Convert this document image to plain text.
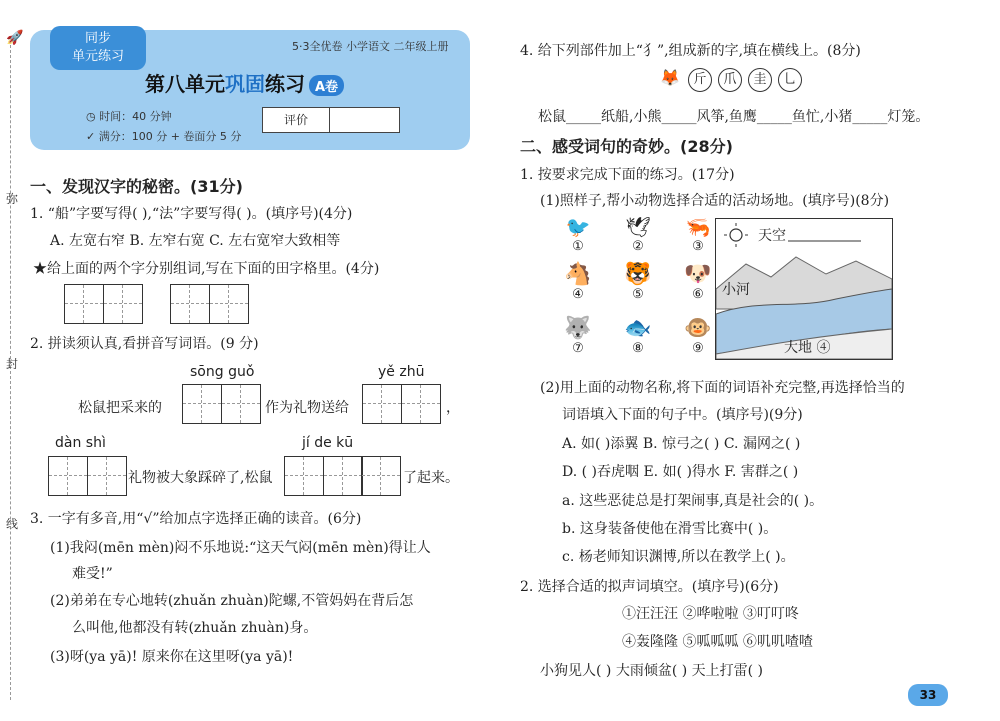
🚀
弥
封
线
同步
单元练习
5·3全优卷 小学语文 二年级上册
第八单元巩固练习 A卷
◷ 时间：40 分钟
✓ 满分：100 分 + 卷面分 5 分
评价
一、发现汉字的秘密。(31分)
1. “船”字要写得( ),“法”字要写得( )。(填序号)(4分)
A. 左宽右窄 B. 左窄右宽 C. 左右宽窄大致相等
★给上面的两个字分别组词,写在下面的田字格里。(4分)
2. 拼读须认真,看拼音写词语。(9 分)
sōng guǒ	yě zhū
松鼠把采来的	作为礼物送给	，
dàn shì	jí de kū
礼物被大象踩碎了,松鼠	了起来。
3. 一字有多音,用“√”给加点字选择正确的读音。(6分)
(1)我闷(mēn mèn)闷不乐地说:“这天气闷(mēn mèn)得让人
难受!”
(2)弟弟在专心地转(zhuǎn zhuàn)陀螺,不管妈妈在背后怎
么叫他,他都没有转(zhuǎn zhuàn)身。
(3)呀(ya yā)! 原来你在这里呀(ya yā)!
4. 给下列部件加上“犭”,组成新的字,填在横线上。(8分)
🦊 斤 爪 圭 乚
松鼠_____纸船,小熊_____风筝,鱼鹰_____鱼忙,小猪_____灯笼。
二、感受词句的奇妙。(28分)
1. 按要求完成下面的练习。(17分)
(1)照样子,帮小动物选择合适的活动场地。(填序号)(8分)
🐦
①
🕊
②
🦐
③
🐴
④
🐯
⑤
🐶
⑥
🐺
⑦
🐟
⑧
🐵
⑨
天空
小河
大地 ④
(2)用上面的动物名称,将下面的词语补充完整,再选择恰当的
词语填入下面的句子中。(填序号)(9分)
A. 如( )添翼 B. 惊弓之( ) C. 漏网之( )
D. ( )吞虎咽 E. 如( )得水 F. 害群之( )
a. 这些恶徒总是打架闹事,真是社会的( )。
b. 这身装备使他在滑雪比赛中( )。
c. 杨老师知识渊博,所以在教学上( )。
2. 选择合适的拟声词填空。(填序号)(6分)
①汪汪汪 ②哗啦啦 ③叮叮咚
④轰隆隆 ⑤呱呱呱 ⑥叽叽喳喳
小狗见人( ) 大雨倾盆( ) 天上打雷( )
33
